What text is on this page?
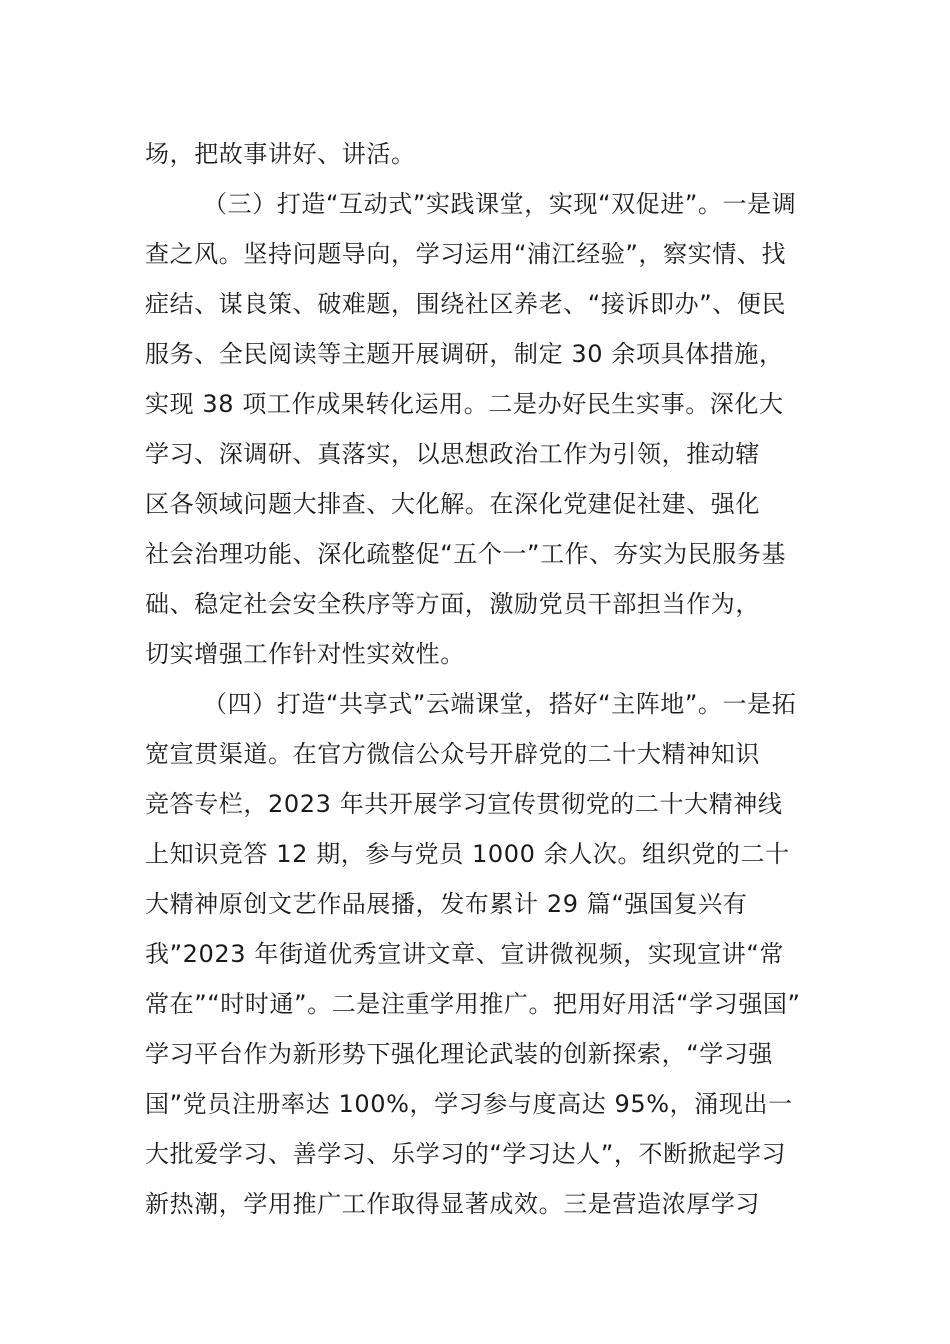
场，把故事讲好、讲活。
（三）打造“互动式”实践课堂，实现“双促进”。一是调
查之风。坚持问题导向，学习运用“浦江经验”，察实情、找
症结、谋良策、破难题，围绕社区养老、“接诉即办”、便民
服务、全民阅读等主题开展调研，制定 30 余项具体措施，
实现 38 项工作成果转化运用。二是办好民生实事。深化大
学习、深调研、真落实，以思想政治工作为引领，推动辖
区各领域问题大排查、大化解。在深化党建促社建、强化
社会治理功能、深化疏整促“五个一”工作、夯实为民服务基
础、稳定社会安全秩序等方面，激励党员干部担当作为，
切实增强工作针对性实效性。
（四）打造“共享式”云端课堂，搭好“主阵地”。一是拓
宽宣贯渠道。在官方微信公众号开辟党的二十大精神知识
竞答专栏，2023 年共开展学习宣传贯彻党的二十大精神线
上知识竞答 12 期，参与党员 1000 余人次。组织党的二十
大精神原创文艺作品展播，发布累计 29 篇“强国复兴有
我”2023 年街道优秀宣讲文章、宣讲微视频，实现宣讲“常
常在”“时时通”。二是注重学用推广。把用好用活“学习强国”
学习平台作为新形势下强化理论武装的创新探索，“学习强
国”党员注册率达 100%，学习参与度高达 95%，涌现出一
大批爱学习、善学习、乐学习的“学习达人”，不断掀起学习
新热潮，学用推广工作取得显著成效。三是营造浓厚学习
